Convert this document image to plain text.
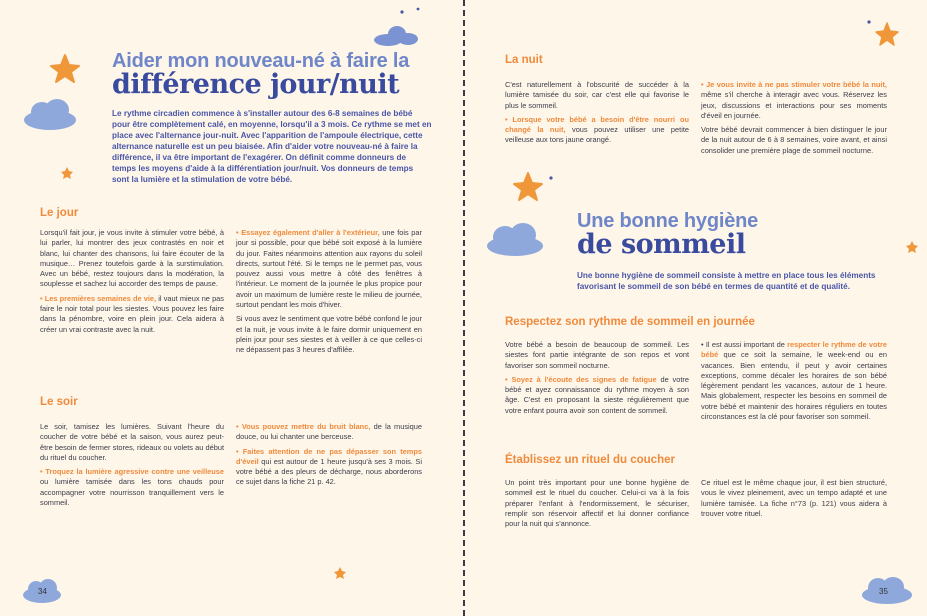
Aider mon nouveau-né à faire la
différence jour/nuit
Le rythme circadien commence à s'installer autour des 6-8 semaines de bébé pour être complètement calé, en moyenne, lorsqu'il a 3 mois. Ce rythme se met en place avec l'alternance jour-nuit. Avec l'apparition de l'ampoule électrique, cette alternance naturelle est un peu biaisée. Afin d'aider votre nouveau-né à faire la différence, il va être important de l'exagérer. On définit comme donneurs de temps les moyens d'aide à la différentiation jour/nuit. Vos donneurs de temps sont la lumière et la stimulation de votre bébé.
Le jour

Lorsqu'il fait jour, je vous invite à stimuler votre bébé, à lui parler, lui montrer des jeux contrastés en noir et blanc, lui chanter des chansons, lui faire écouter de la musique… Prenez toutefois garde à la surstimulation. Avec un bébé, restez toujours dans la modération, la souplesse et sachez lui accorder des temps de pause.

• Les premières semaines de vie, il vaut mieux ne pas faire le noir total pour les siestes. Vous pouvez les faire dans la pénombre, voire en plein jour. Cela aidera à créer un vrai contraste avec la nuit.

• Essayez également d'aller à l'extérieur, une fois par jour si possible, pour que bébé soit exposé à la lumière du jour. Faites néanmoins attention aux rayons du soleil directs, surtout l'été. Si le temps ne le permet pas, vous pouvez aussi vous mettre à côté des fenêtres à l'intérieur. Le moment de la journée le plus propice pour avoir un maximum de lumière reste le milieu de journée, surtout pendant les mois d'hiver.

Si vous avez le sentiment que votre bébé confond le jour et la nuit, je vous invite à le faire dormir uniquement en plein jour pour ses siestes et à veiller à ce que celles-ci ne dépassent pas 3 heures d'affilée.

Le soir

Le soir, tamisez les lumières. Suivant l'heure du coucher de votre bébé et la saison, vous aurez peut-être besoin de fermer stores, rideaux ou volets au début du rituel du coucher.

• Troquez la lumière agressive contre une veilleuse ou lumière tamisée dans les tons chauds pour accompagner votre nourrisson tranquillement vers le sommeil.

• Vous pouvez mettre du bruit blanc, de la musique douce, ou lui chanter une berceuse.

• Faites attention de ne pas dépasser son temps d'éveil qui est autour de 1 heure jusqu'à ses 3 mois. Si votre bébé a des pleurs de décharge, nous aborderons ce sujet dans la fiche 21 p. 42.

34
La nuit

C'est naturellement à l'obscurité de succéder à la lumière tamisée du soir, car c'est elle qui favorise le plus le sommeil.

• Lorsque votre bébé a besoin d'être nourri ou changé la nuit, vous pouvez utiliser une petite veilleuse aux tons jaune orangé.

• Je vous invite à ne pas stimuler votre bébé la nuit, même s'il cherche à interagir avec vous. Réservez les jeux, discussions et interactions pour ses moments d'éveil en journée.

Votre bébé devrait commencer à bien distinguer le jour de la nuit autour de 6 à 8 semaines, voire avant, et ainsi consolider une première plage de sommeil nocturne.

Une bonne hygiène
de sommeil
Une bonne hygiène de sommeil consiste à mettre en place tous les éléments favorisant le sommeil de son bébé en termes de quantité et de qualité.
Respectez son rythme de sommeil en journée

Votre bébé a besoin de beaucoup de sommeil. Les siestes font partie intégrante de son repos et vont favoriser son sommeil nocturne.

• Soyez à l'écoute des signes de fatigue de votre bébé et ayez connaissance du rythme moyen à son âge. C'est en proposant la sieste régulièrement que votre enfant pourra avoir son content de sommeil.

• Il est aussi important de respecter le rythme de votre bébé que ce soit la semaine, le week-end ou en vacances. Bien entendu, il peut y avoir certaines exceptions, comme décaler les horaires de son bébé légèrement pendant les vacances, autour de 1 heure. Mais globalement, respecter les besoins en sommeil de votre bébé et maintenir des horaires réguliers en toutes circonstances est la clé pour favoriser son sommeil.

Établissez un rituel du coucher

Un point très important pour une bonne hygiène de sommeil est le rituel du coucher. Celui-ci va à la fois préparer l'enfant à l'endormissement, le sécuriser, remplir son réservoir affectif et lui donner confiance pour la nuit qui s'annonce.

Ce rituel est le même chaque jour, il est bien structuré, vous le vivez pleinement, avec un tempo adapté et une lumière tamisée. La fiche n°73 (p. 121) vous aidera à trouver votre rituel.

35
